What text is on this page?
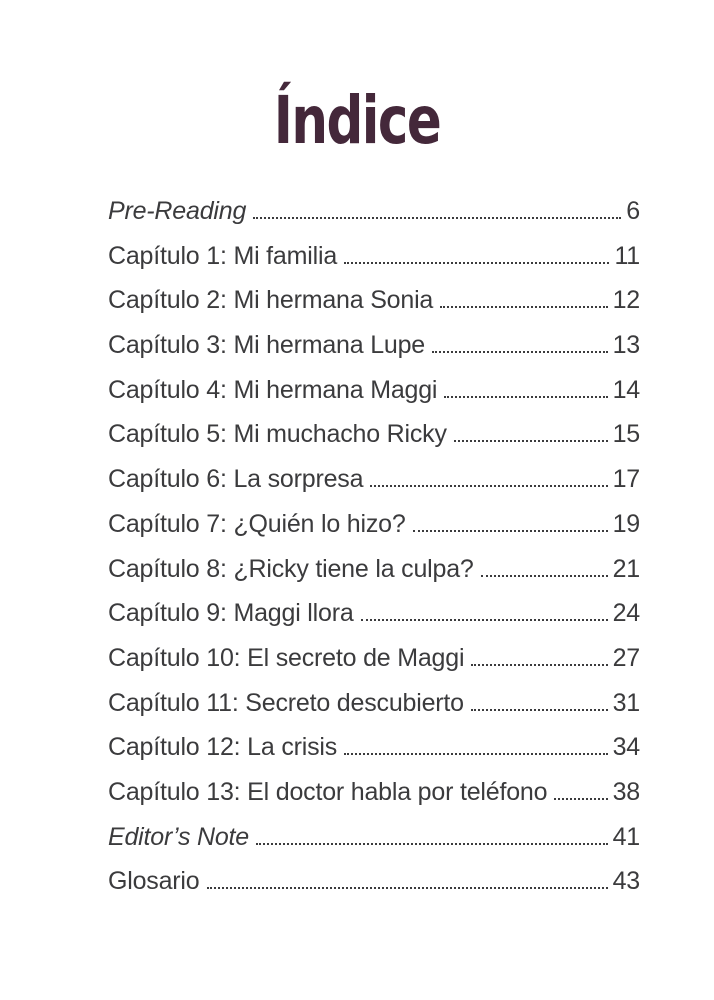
Índice
Pre-Reading	6
Capítulo 1: Mi familia	11
Capítulo 2: Mi hermana Sonia	12
Capítulo 3: Mi hermana Lupe	13
Capítulo 4: Mi hermana Maggi	14
Capítulo 5: Mi muchacho Ricky	15
Capítulo 6: La sorpresa	17
Capítulo 7: ¿Quién lo hizo?	19
Capítulo 8: ¿Ricky tiene la culpa?	21
Capítulo 9: Maggi llora	24
Capítulo 10: El secreto de Maggi	27
Capítulo 11: Secreto descubierto	31
Capítulo 12: La crisis	34
Capítulo 13: El doctor habla por teléfono	38
Editor’s Note	41
Glosario	43
